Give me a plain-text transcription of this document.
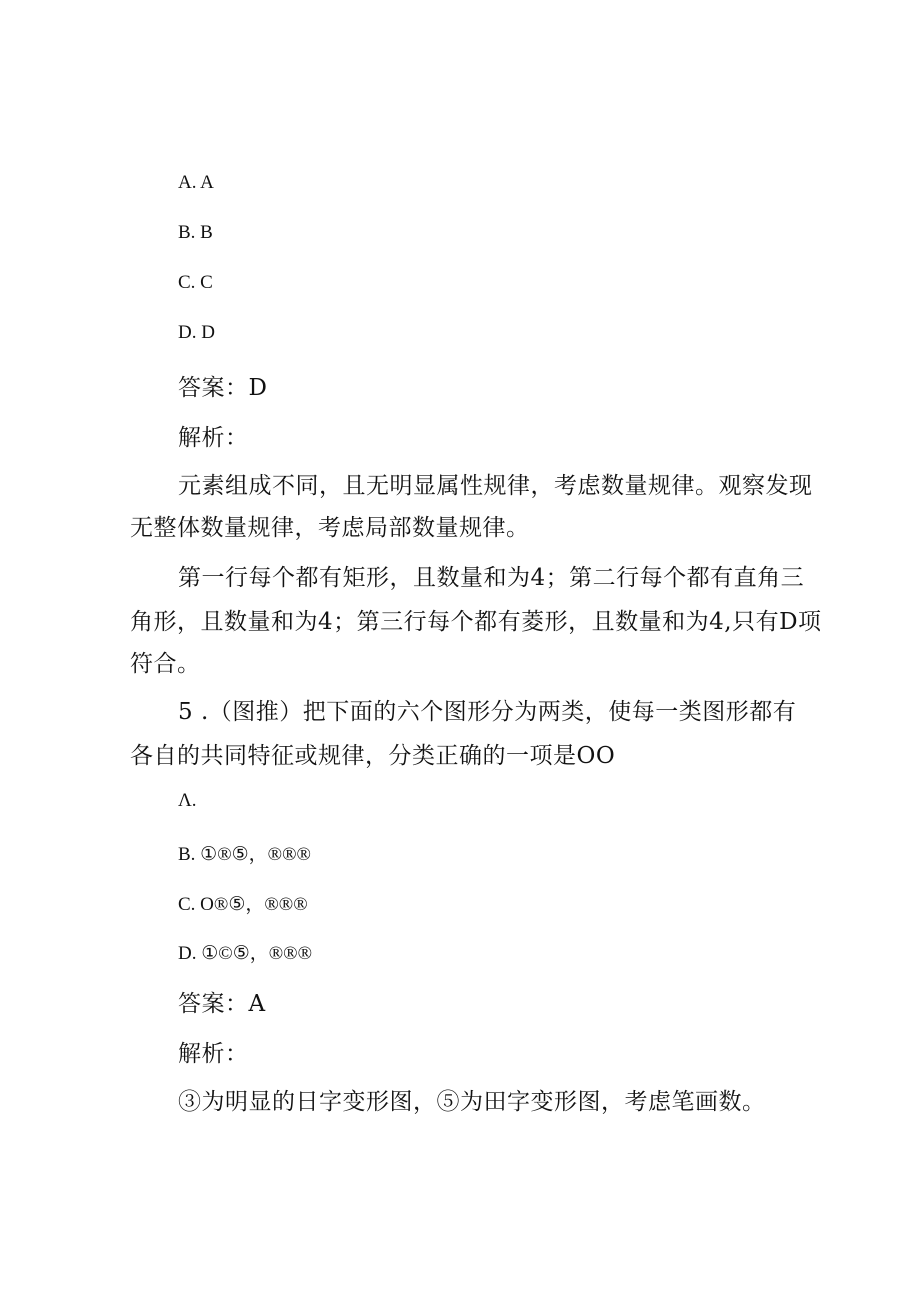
A. A
B. B
C. C
D. D
答案：D
解析：
元素组成不同，且无明显属性规律，考虑数量规律。观察发现
无整体数量规律，考虑局部数量规律。
第一行每个都有矩形，且数量和为4；第二行每个都有直角三
角形，且数量和为4；第三行每个都有菱形，且数量和为4,只有D项
符合。
5 .（图推）把下面的六个图形分为两类，使每一类图形都有
各自的共同特征或规律，分类正确的一项是OO
Λ.
B. ①®⑤，®®®
C. O®⑤，®®®
D. ①©⑤，®®®
答案：A
解析：
③为明显的日字变形图，⑤为田字变形图，考虑笔画数。
